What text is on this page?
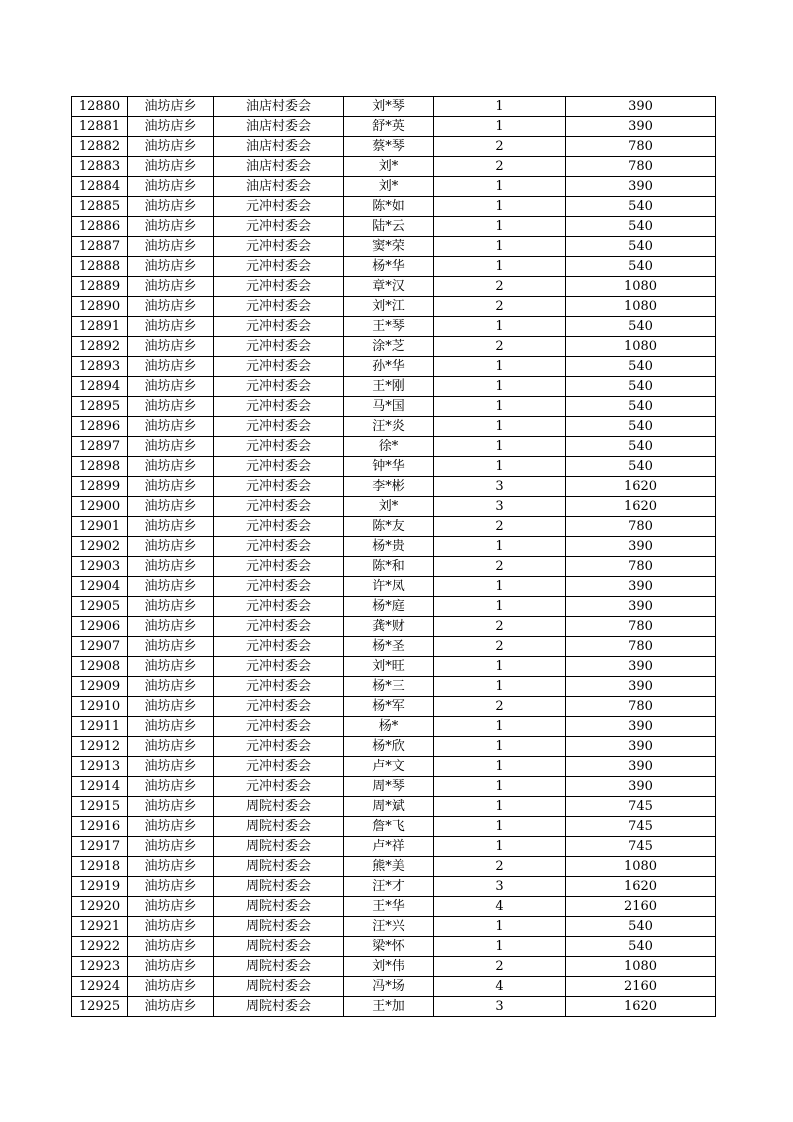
12880	油坊店乡	油店村委会	刘*琴	1	390
12881	油坊店乡	油店村委会	舒*英	1	390
12882	油坊店乡	油店村委会	蔡*琴	2	780
12883	油坊店乡	油店村委会	刘*	2	780
12884	油坊店乡	油店村委会	刘*	1	390
12885	油坊店乡	元冲村委会	陈*如	1	540
12886	油坊店乡	元冲村委会	陆*云	1	540
12887	油坊店乡	元冲村委会	窦*荣	1	540
12888	油坊店乡	元冲村委会	杨*华	1	540
12889	油坊店乡	元冲村委会	章*汉	2	1080
12890	油坊店乡	元冲村委会	刘*江	2	1080
12891	油坊店乡	元冲村委会	王*琴	1	540
12892	油坊店乡	元冲村委会	涂*芝	2	1080
12893	油坊店乡	元冲村委会	孙*华	1	540
12894	油坊店乡	元冲村委会	王*刚	1	540
12895	油坊店乡	元冲村委会	马*国	1	540
12896	油坊店乡	元冲村委会	汪*炎	1	540
12897	油坊店乡	元冲村委会	徐*	1	540
12898	油坊店乡	元冲村委会	钟*华	1	540
12899	油坊店乡	元冲村委会	李*彬	3	1620
12900	油坊店乡	元冲村委会	刘*	3	1620
12901	油坊店乡	元冲村委会	陈*友	2	780
12902	油坊店乡	元冲村委会	杨*贵	1	390
12903	油坊店乡	元冲村委会	陈*和	2	780
12904	油坊店乡	元冲村委会	许*凤	1	390
12905	油坊店乡	元冲村委会	杨*庭	1	390
12906	油坊店乡	元冲村委会	龚*财	2	780
12907	油坊店乡	元冲村委会	杨*圣	2	780
12908	油坊店乡	元冲村委会	刘*旺	1	390
12909	油坊店乡	元冲村委会	杨*三	1	390
12910	油坊店乡	元冲村委会	杨*军	2	780
12911	油坊店乡	元冲村委会	杨*	1	390
12912	油坊店乡	元冲村委会	杨*欣	1	390
12913	油坊店乡	元冲村委会	卢*文	1	390
12914	油坊店乡	元冲村委会	周*琴	1	390
12915	油坊店乡	周院村委会	周*斌	1	745
12916	油坊店乡	周院村委会	詹*飞	1	745
12917	油坊店乡	周院村委会	卢*祥	1	745
12918	油坊店乡	周院村委会	熊*美	2	1080
12919	油坊店乡	周院村委会	汪*才	3	1620
12920	油坊店乡	周院村委会	王*华	4	2160
12921	油坊店乡	周院村委会	汪*兴	1	540
12922	油坊店乡	周院村委会	梁*怀	1	540
12923	油坊店乡	周院村委会	刘*伟	2	1080
12924	油坊店乡	周院村委会	冯*场	4	2160
12925	油坊店乡	周院村委会	王*加	3	1620
